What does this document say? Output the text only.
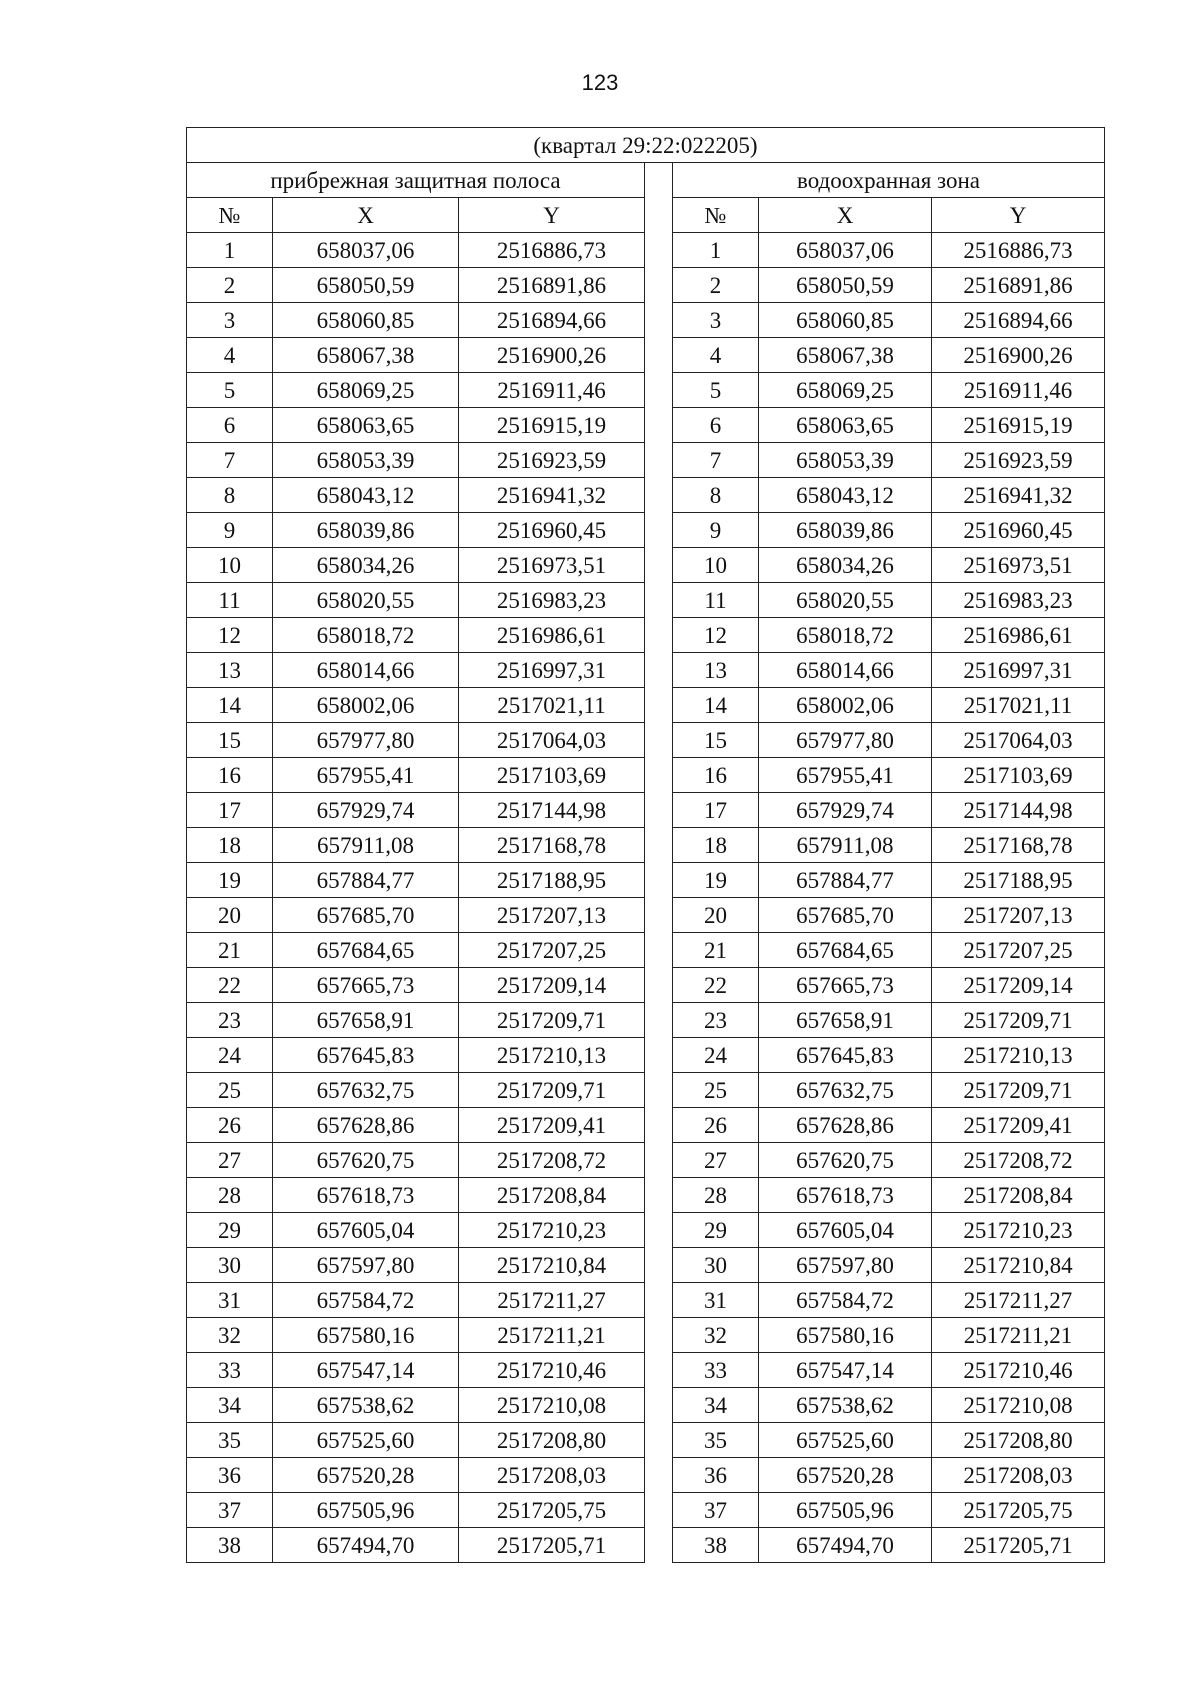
123
(квартал 29:22:022205)						
прибрежная защитная полоса				водоохранная зона		
№	X	Y		№	X	Y
1	658037,06	2516886,73		1	658037,06	2516886,73
2	658050,59	2516891,86		2	658050,59	2516891,86
3	658060,85	2516894,66		3	658060,85	2516894,66
4	658067,38	2516900,26		4	658067,38	2516900,26
5	658069,25	2516911,46		5	658069,25	2516911,46
6	658063,65	2516915,19		6	658063,65	2516915,19
7	658053,39	2516923,59		7	658053,39	2516923,59
8	658043,12	2516941,32		8	658043,12	2516941,32
9	658039,86	2516960,45		9	658039,86	2516960,45
10	658034,26	2516973,51		10	658034,26	2516973,51
11	658020,55	2516983,23		11	658020,55	2516983,23
12	658018,72	2516986,61		12	658018,72	2516986,61
13	658014,66	2516997,31		13	658014,66	2516997,31
14	658002,06	2517021,11		14	658002,06	2517021,11
15	657977,80	2517064,03		15	657977,80	2517064,03
16	657955,41	2517103,69		16	657955,41	2517103,69
17	657929,74	2517144,98		17	657929,74	2517144,98
18	657911,08	2517168,78		18	657911,08	2517168,78
19	657884,77	2517188,95		19	657884,77	2517188,95
20	657685,70	2517207,13		20	657685,70	2517207,13
21	657684,65	2517207,25		21	657684,65	2517207,25
22	657665,73	2517209,14		22	657665,73	2517209,14
23	657658,91	2517209,71		23	657658,91	2517209,71
24	657645,83	2517210,13		24	657645,83	2517210,13
25	657632,75	2517209,71		25	657632,75	2517209,71
26	657628,86	2517209,41		26	657628,86	2517209,41
27	657620,75	2517208,72		27	657620,75	2517208,72
28	657618,73	2517208,84		28	657618,73	2517208,84
29	657605,04	2517210,23		29	657605,04	2517210,23
30	657597,80	2517210,84		30	657597,80	2517210,84
31	657584,72	2517211,27		31	657584,72	2517211,27
32	657580,16	2517211,21		32	657580,16	2517211,21
33	657547,14	2517210,46		33	657547,14	2517210,46
34	657538,62	2517210,08		34	657538,62	2517210,08
35	657525,60	2517208,80		35	657525,60	2517208,80
36	657520,28	2517208,03		36	657520,28	2517208,03
37	657505,96	2517205,75		37	657505,96	2517205,75
38	657494,70	2517205,71		38	657494,70	2517205,71
